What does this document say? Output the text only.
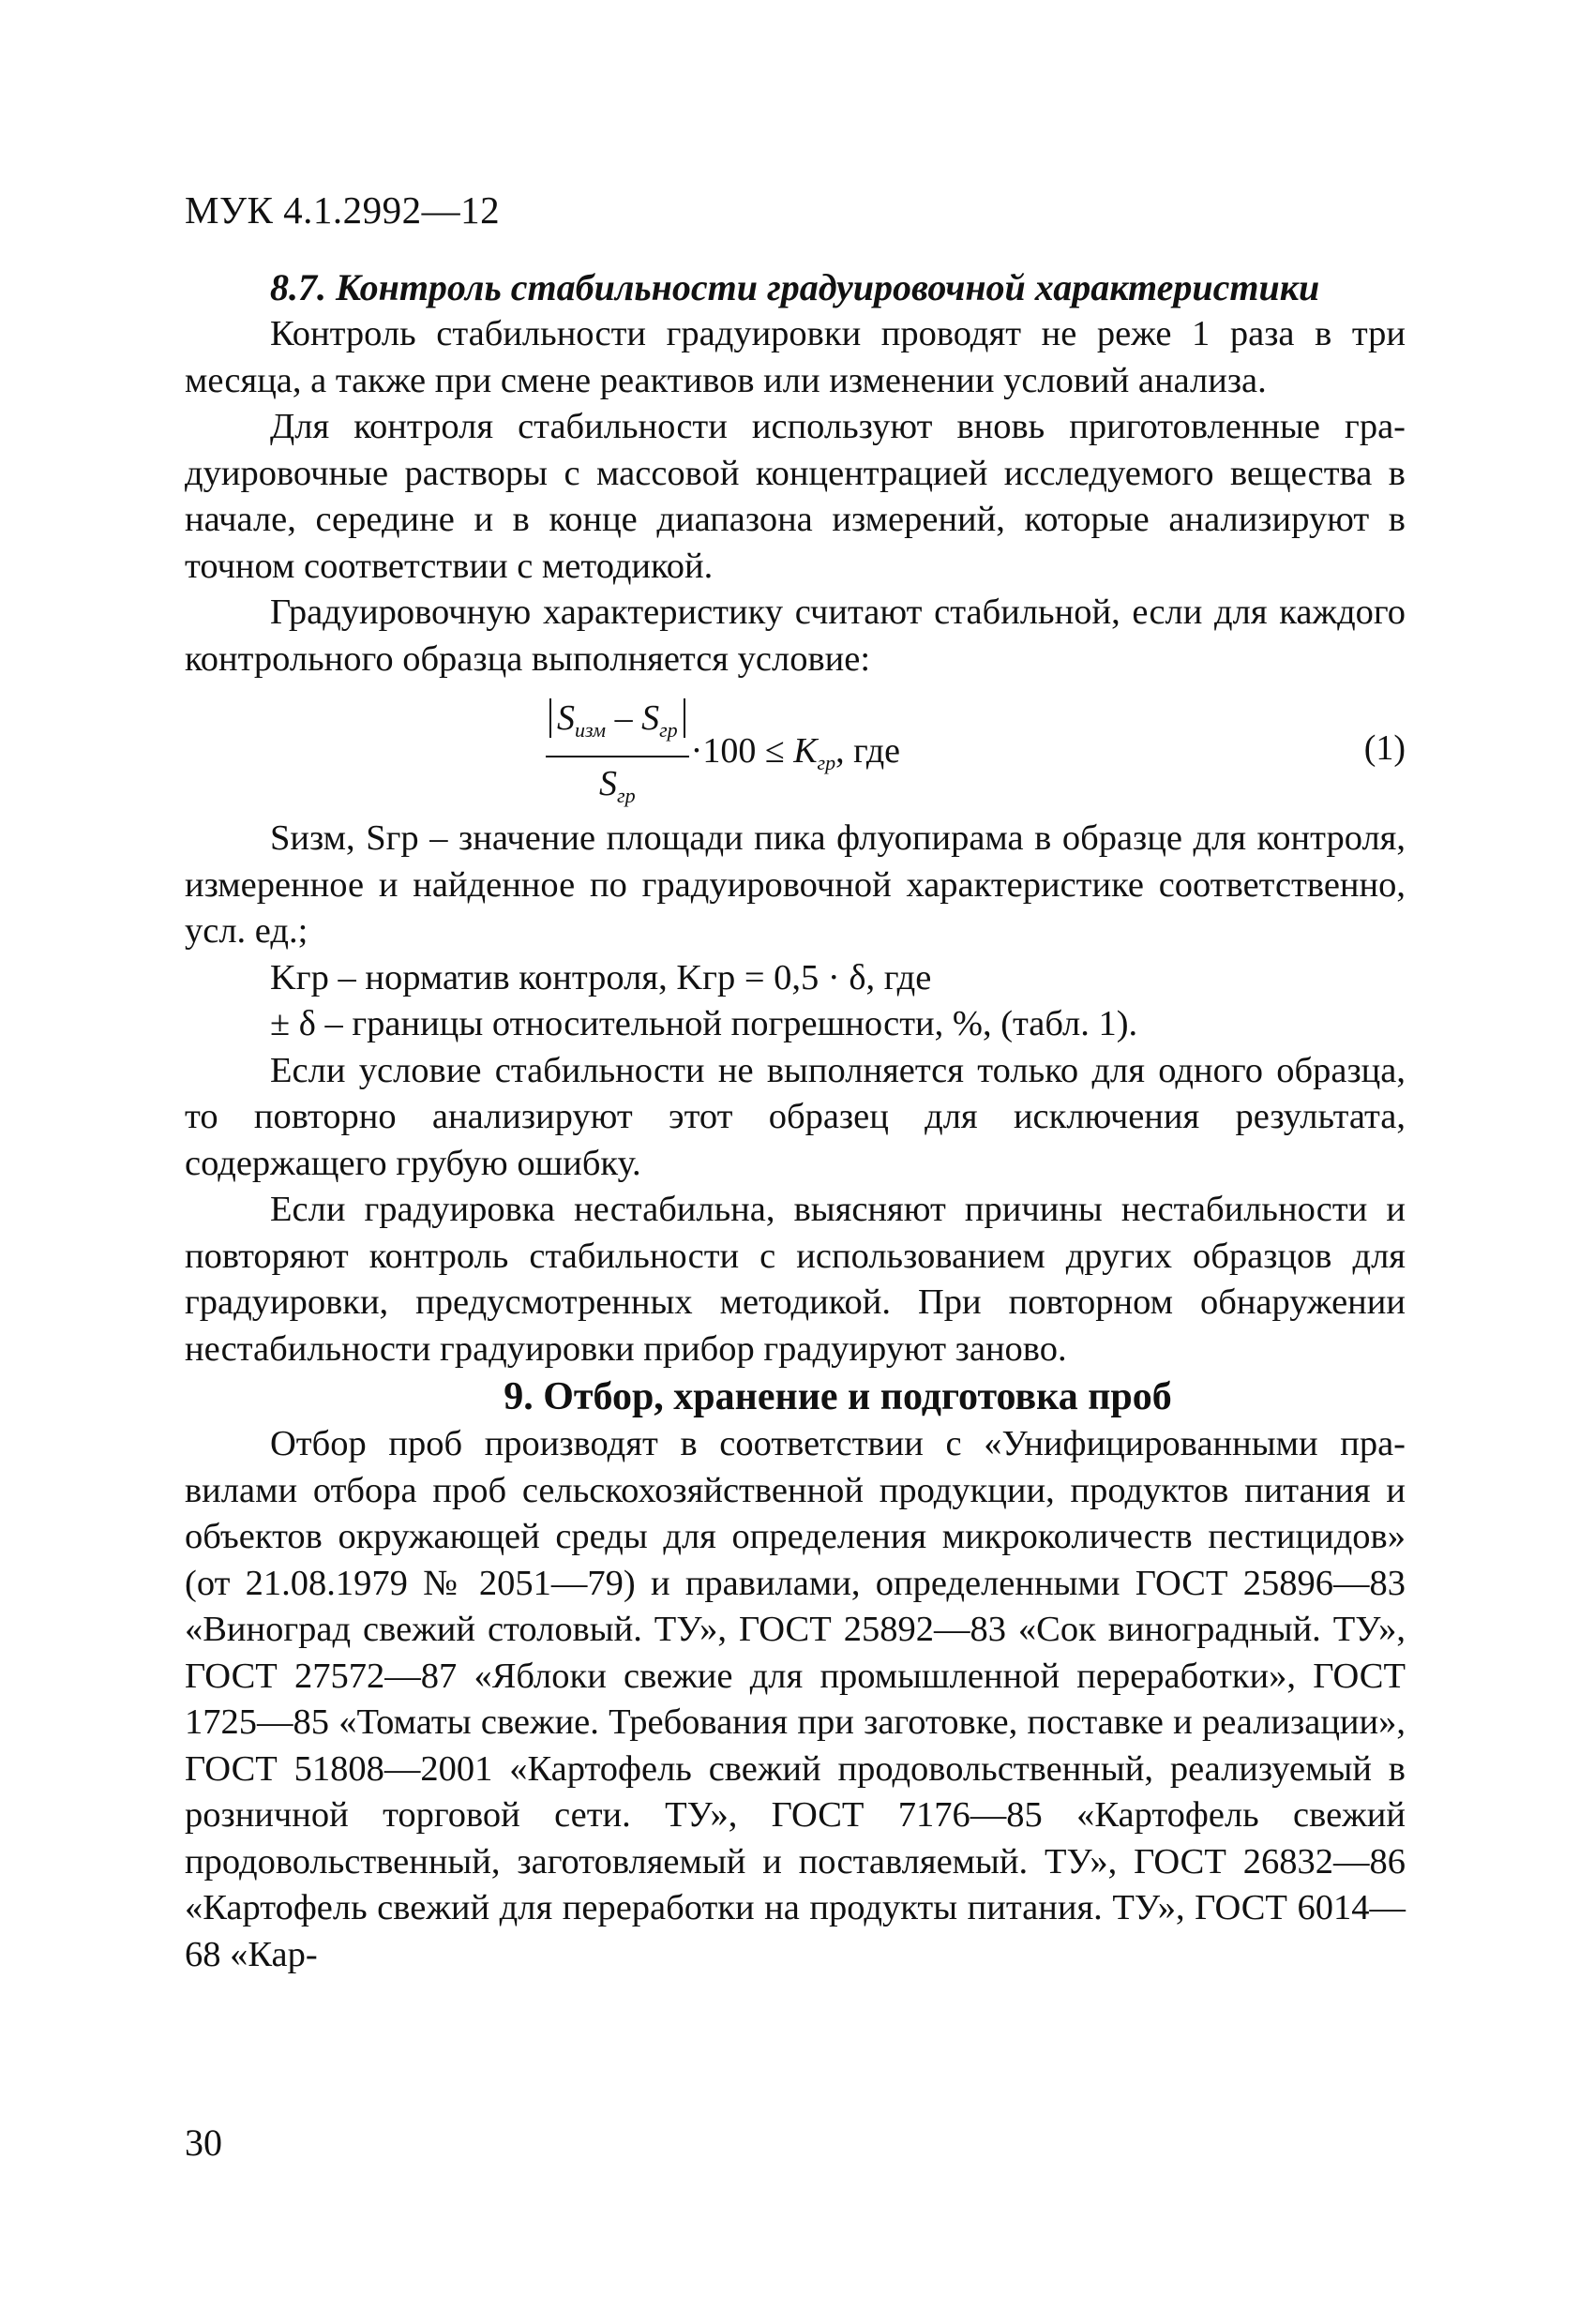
МУК 4.1.2992—12

8.7. Контроль стабильности градуировочной характеристики

Контроль стабильности градуировки проводят не реже 1 раза в три месяца, а также при смене реактивов или изменении условий анализа.

Для контроля стабильности используют вновь приготовленные градуировочные растворы с массовой концентрацией исследуемого вещества в начале, середине и в конце диапазона измерений, которые анализируют в точном соответствии с методикой.

Градуировочную характеристику считают стабильной, если для каждого контрольного образца выполняется условие:

$\frac{S_{изм} - S_{гр}}{S_{гр}} \cdot 100 \le K_{гр}$, где	(1)

Sизм, Sгр – значение площади пика флуопирама в образце для контроля, измеренное и найденное по градуировочной характеристике соответственно, усл. ед.;

Kгр – норматив контроля, Kгр = 0,5 · δ, где

± δ – границы относительной погрешности, %, (табл. 1).

Если условие стабильности не выполняется только для одного образца, то повторно анализируют этот образец для исключения результата, содержащего грубую ошибку.

Если градуировка нестабильна, выясняют причины нестабильности и повторяют контроль стабильности с использованием других образцов для градуировки, предусмотренных методикой. При повторном обнаружении нестабильности градуировки прибор градуируют заново.

9. Отбор, хранение и подготовка проб

Отбор проб производят в соответствии с «Унифицированными правилами отбора проб сельскохозяйственной продукции, продуктов питания и объектов окружающей среды для определения микроколичеств пестицидов» (от 21.08.1979 № 2051—79) и правилами, определенными ГОСТ 25896—83 «Виноград свежий столовый. ТУ», ГОСТ 25892—83 «Сок виноградный. ТУ», ГОСТ 27572—87 «Яблоки свежие для промышленной переработки», ГОСТ 1725—85 «Томаты свежие. Требования при заготовке, поставке и реализации», ГОСТ 51808—2001 «Картофель свежий продовольственный, реализуемый в розничной торговой сети. ТУ», ГОСТ 7176—85 «Картофель свежий продовольственный, заготовляемый и поставляемый. ТУ», ГОСТ 26832—86 «Картофель свежий для переработки на продукты питания. ТУ», ГОСТ 6014—68 «Кар-

30
